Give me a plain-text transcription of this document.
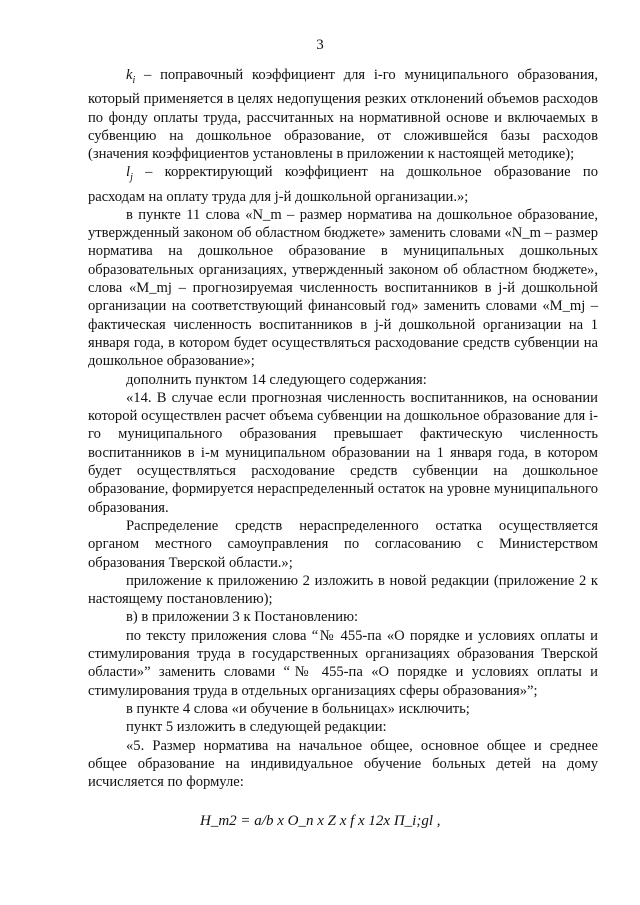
3

$k_i$ – поправочный коэффициент для i-го муниципального образования, который применяется в целях недопущения резких отклонений объемов расходов по фонду оплаты труда, рассчитанных на нормативной основе и включаемых в субвенцию на дошкольное образование, от сложившейся базы расходов (значения коэффициентов установлены в приложении к настоящей методике);

$l_j$ – корректирующий коэффициент на дошкольное образование по расходам на оплату труда для j-й дошкольной организации.»;

в пункте 11 слова «N_m – размер норматива на дошкольное образование, утвержденный законом об областном бюджете» заменить словами «N_m – размер норматива на дошкольное образование в муниципальных дошкольных образовательных организациях, утвержденный законом об областном бюджете», слова «M_mj – прогнозируемая численность воспитанников в j-й дошкольной организации на соответствующий финансовый год» заменить словами «M_mj – фактическая численность воспитанников в j-й дошкольной организации на 1 января года, в котором будет осуществляться расходование средств субвенции на дошкольное образование»;

дополнить пунктом 14 следующего содержания:

«14. В случае если прогнозная численность воспитанников, на основании которой осуществлен расчет объема субвенции на дошкольное образование для i-го муниципального образования превышает фактическую численность воспитанников в i-м муниципальном образовании на 1 января года, в котором будет осуществляться расходование средств субвенции на дошкольное образование, формируется нераспределенный остаток на уровне муниципального образования.

Распределение средств нераспределенного остатка осуществляется органом местного самоуправления по согласованию с Министерством образования Тверской области.»;

приложение к приложению 2 изложить в новой редакции (приложение 2 к настоящему постановлению);

в) в приложении 3 к Постановлению:

по тексту приложения слова “№ 455-па «О порядке и условиях оплаты и стимулирования труда в государственных организациях образования Тверской области»” заменить словами “№ 455-па «О порядке и условиях оплаты и стимулирования труда в отдельных организациях сферы образования»”;

в пункте 4 слова «и обучение в больницах» исключить;

пункт 5 изложить в следующей редакции:

«5. Размер норматива на начальное общее, основное общее и среднее общее образование на индивидуальное обучение больных детей на дому исчисляется по формуле:

H_m2 = a/b x O_n x Z x f x 12x П_i;gl ,
